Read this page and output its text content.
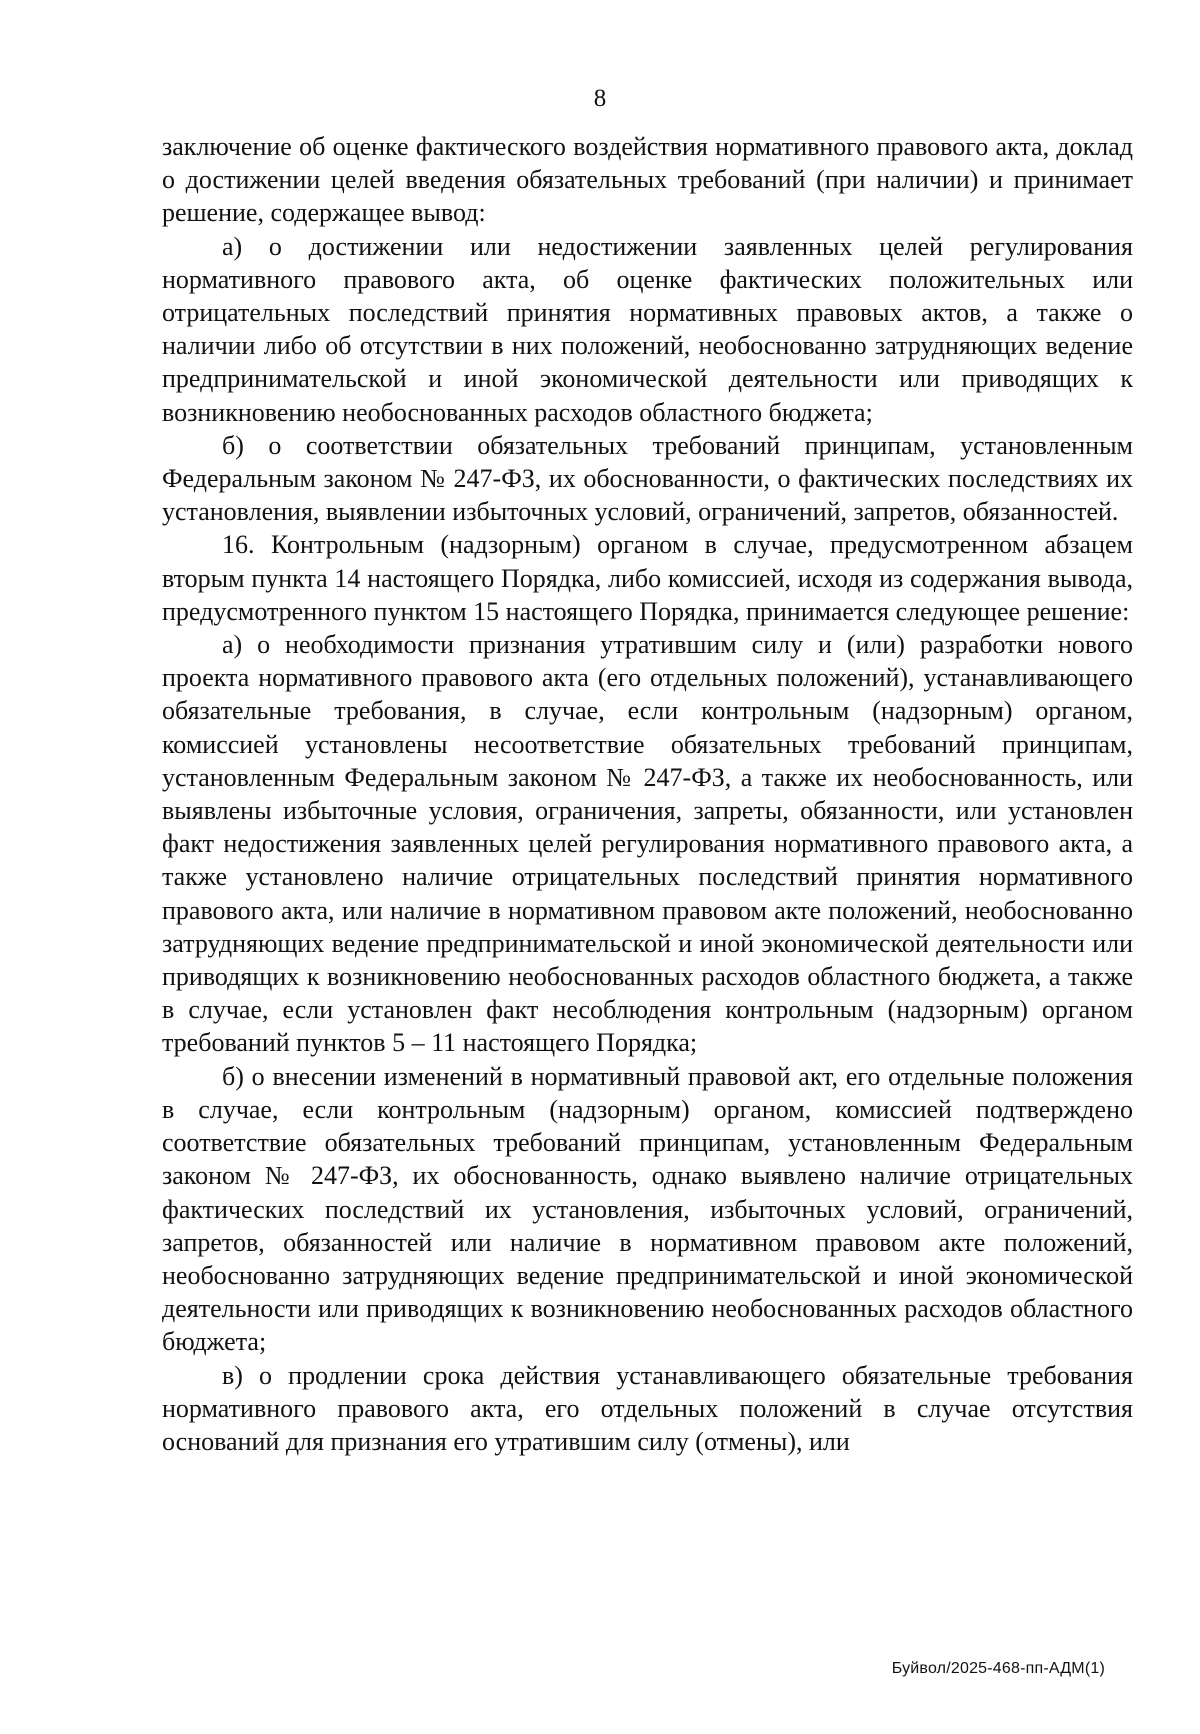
8

заключение об оценке фактического воздействия нормативного правового акта, доклад о достижении целей введения обязательных требований (при наличии) и принимает решение, содержащее вывод:

а) о достижении или недостижении заявленных целей регулирования нормативного правового акта, об оценке фактических положительных или отрицательных последствий принятия нормативных правовых актов, а также о наличии либо об отсутствии в них положений, необоснованно затрудняющих ведение предпринимательской и иной экономической деятельности или приводящих к возникновению необоснованных расходов областного бюджета;

б) о соответствии обязательных требований принципам, установленным Федеральным законом № 247-ФЗ, их обоснованности, о фактических последствиях их установления, выявлении избыточных условий, ограничений, запретов, обязанностей.

16. Контрольным (надзорным) органом в случае, предусмотренном абзацем вторым пункта 14 настоящего Порядка, либо комиссией, исходя из содержания вывода, предусмотренного пунктом 15 настоящего Порядка, принимается следующее решение:

а) о необходимости признания утратившим силу и (или) разработки нового проекта нормативного правового акта (его отдельных положений), устанавливающего обязательные требования, в случае, если контрольным (надзорным) органом, комиссией установлены несоответствие обязательных требований принципам, установленным Федеральным законом № 247-ФЗ, а также их необоснованность, или выявлены избыточные условия, ограничения, запреты, обязанности, или установлен факт недостижения заявленных целей регулирования нормативного правового акта, а также установлено наличие отрицательных последствий принятия нормативного правового акта, или наличие в нормативном правовом акте положений, необоснованно затрудняющих ведение предпринимательской и иной экономической деятельности или приводящих к возникновению необоснованных расходов областного бюджета, а также в случае, если установлен факт несоблюдения контрольным (надзорным) органом требований пунктов 5 – 11 настоящего Порядка;

б) о внесении изменений в нормативный правовой акт, его отдельные положения в случае, если контрольным (надзорным) органом, комиссией подтверждено соответствие обязательных требований принципам, установленным Федеральным законом № 247-ФЗ, их обоснованность, однако выявлено наличие отрицательных фактических последствий их установления, избыточных условий, ограничений, запретов, обязанностей или наличие в нормативном правовом акте положений, необоснованно затрудняющих ведение предпринимательской и иной экономической деятельности или приводящих к возникновению необоснованных расходов областного бюджета;

в) о продлении срока действия устанавливающего обязательные требования нормативного правового акта, его отдельных положений в случае отсутствия оснований для признания его утратившим силу (отмены), или

Буйвол/2025-468-пп-АДМ(1)
